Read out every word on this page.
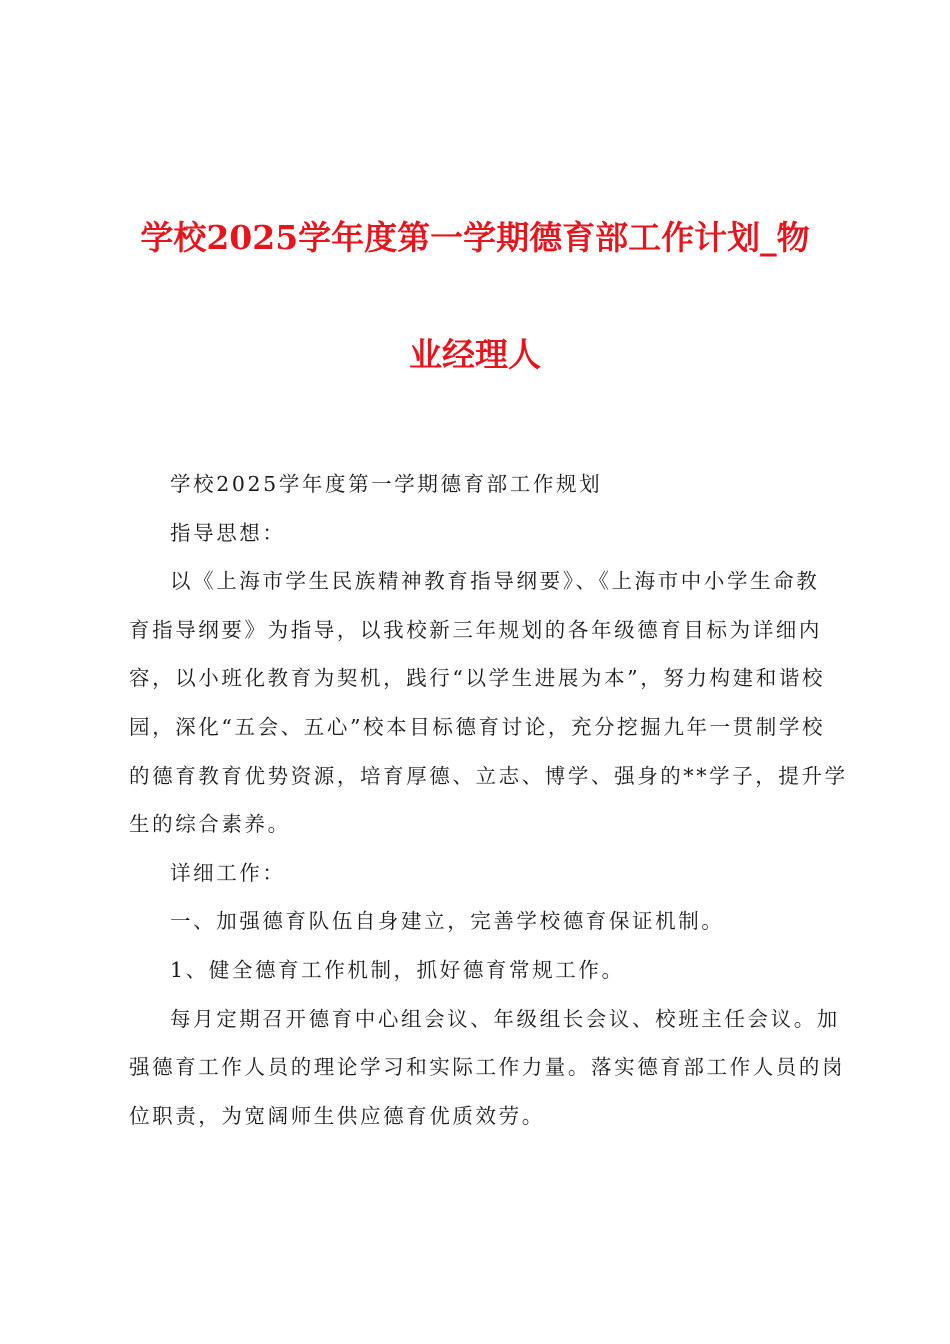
学校2025学年度第一学期德育部工作计划_物
业经理人
学校2025学年度第一学期德育部工作规划
指导思想：
以《上海市学生民族精神教育指导纲要》、《上海市中小学生命教
育指导纲要》为指导，以我校新三年规划的各年级德育目标为详细内
容，以小班化教育为契机，践行“以学生进展为本”，努力构建和谐校
园，深化“五会、五心”校本目标德育讨论，充分挖掘九年一贯制学校
的德育教育优势资源，培育厚德、立志、博学、强身的**学子，提升学
生的综合素养。
详细工作：
一、加强德育队伍自身建立，完善学校德育保证机制。
1、健全德育工作机制，抓好德育常规工作。
每月定期召开德育中心组会议、年级组长会议、校班主任会议。加
强德育工作人员的理论学习和实际工作力量。落实德育部工作人员的岗
位职责，为宽阔师生供应德育优质效劳。
